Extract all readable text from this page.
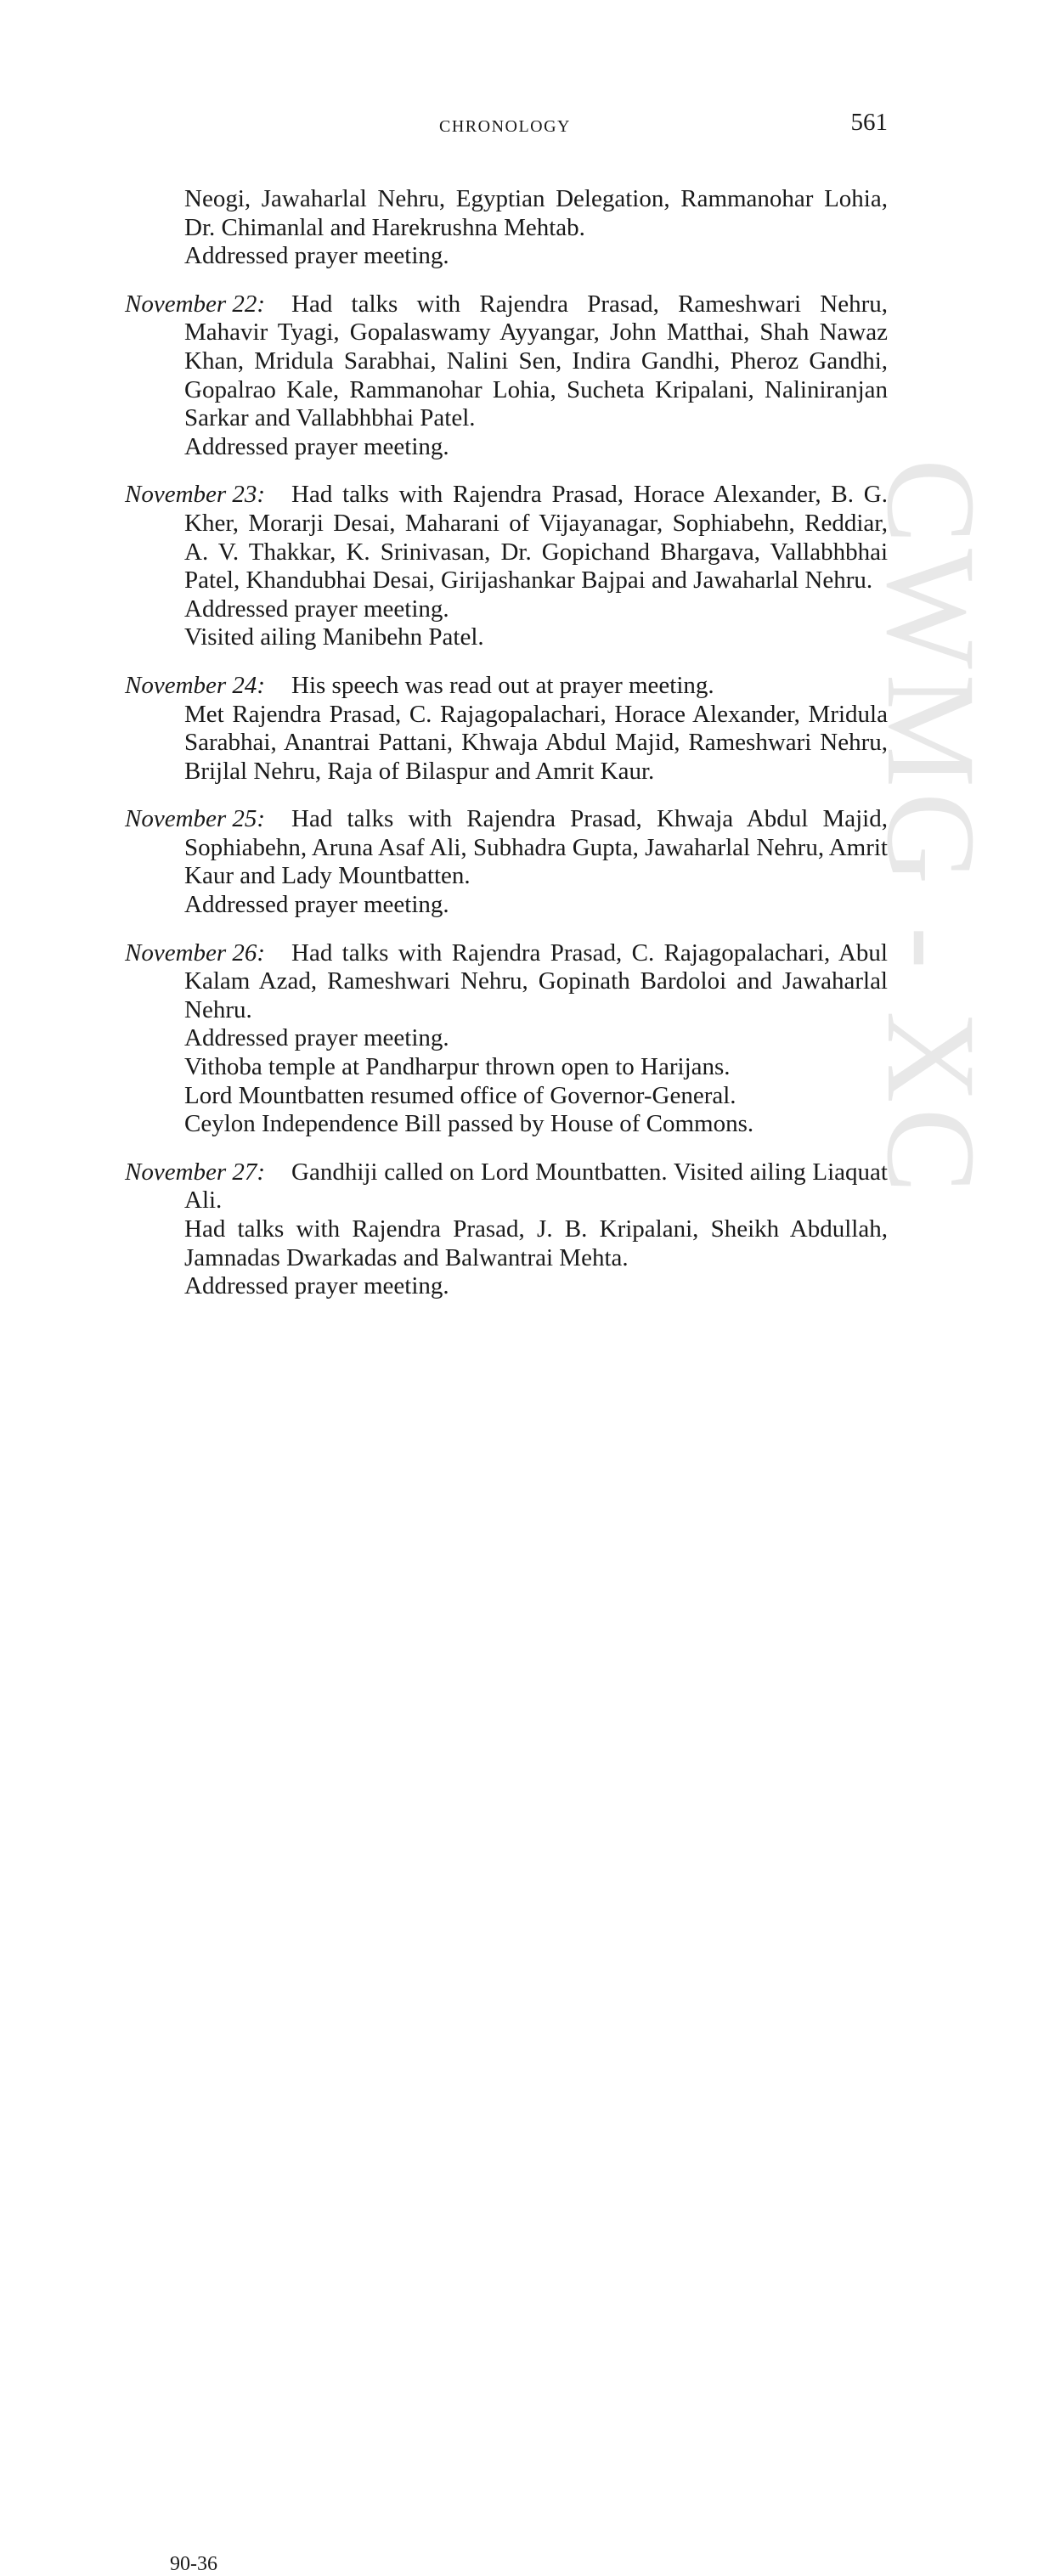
CWMG - XC
CHRONOLOGY	561

Neogi, Jawaharlal Nehru, Egyptian Delegation, Rammanohar Lohia, Dr. Chimanlal and Harekrushna Mehtab.

Addressed prayer meeting.

November 22: Had talks with Rajendra Prasad, Rameshwari Nehru, Mahavir Tyagi, Gopalaswamy Ayyangar, John Matthai, Shah Nawaz Khan, Mridula Sarabhai, Nalini Sen, Indira Gandhi, Pheroz Gandhi, Gopalrao Kale, Rammanohar Lohia, Sucheta Kripalani, Naliniranjan Sarkar and Vallabhbhai Patel.

Addressed prayer meeting.

November 23: Had talks with Rajendra Prasad, Horace Alexander, B. G. Kher, Morarji Desai, Maharani of Vijayanagar, Sophiabehn, Reddiar, A. V. Thakkar, K. Srinivasan, Dr. Gopichand Bhargava, Vallabhbhai Patel, Khandubhai Desai, Girijashankar Bajpai and Jawaharlal Nehru.

Addressed prayer meeting.

Visited ailing Manibehn Patel.

November 24: His speech was read out at prayer meeting.

Met Rajendra Prasad, C. Rajagopalachari, Horace Alexander, Mridula Sarabhai, Anantrai Pattani, Khwaja Abdul Majid, Rameshwari Nehru, Brijlal Nehru, Raja of Bilaspur and Amrit Kaur.

November 25: Had talks with Rajendra Prasad, Khwaja Abdul Majid, Sophiabehn, Aruna Asaf Ali, Subhadra Gupta, Jawaharlal Nehru, Amrit Kaur and Lady Mountbatten.

Addressed prayer meeting.

November 26: Had talks with Rajendra Prasad, C. Rajagopalachari, Abul Kalam Azad, Rameshwari Nehru, Gopinath Bardoloi and Jawaharlal Nehru.

Addressed prayer meeting.

Vithoba temple at Pandharpur thrown open to Harijans.

Lord Mountbatten resumed office of Governor-General.

Ceylon Independence Bill passed by House of Commons.

November 27: Gandhiji called on Lord Mountbatten. Visited ailing Liaquat Ali.

Had talks with Rajendra Prasad, J. B. Kripalani, Sheikh Abdullah, Jamnadas Dwarkadas and Balwantrai Mehta.

Addressed prayer meeting.

90-36
